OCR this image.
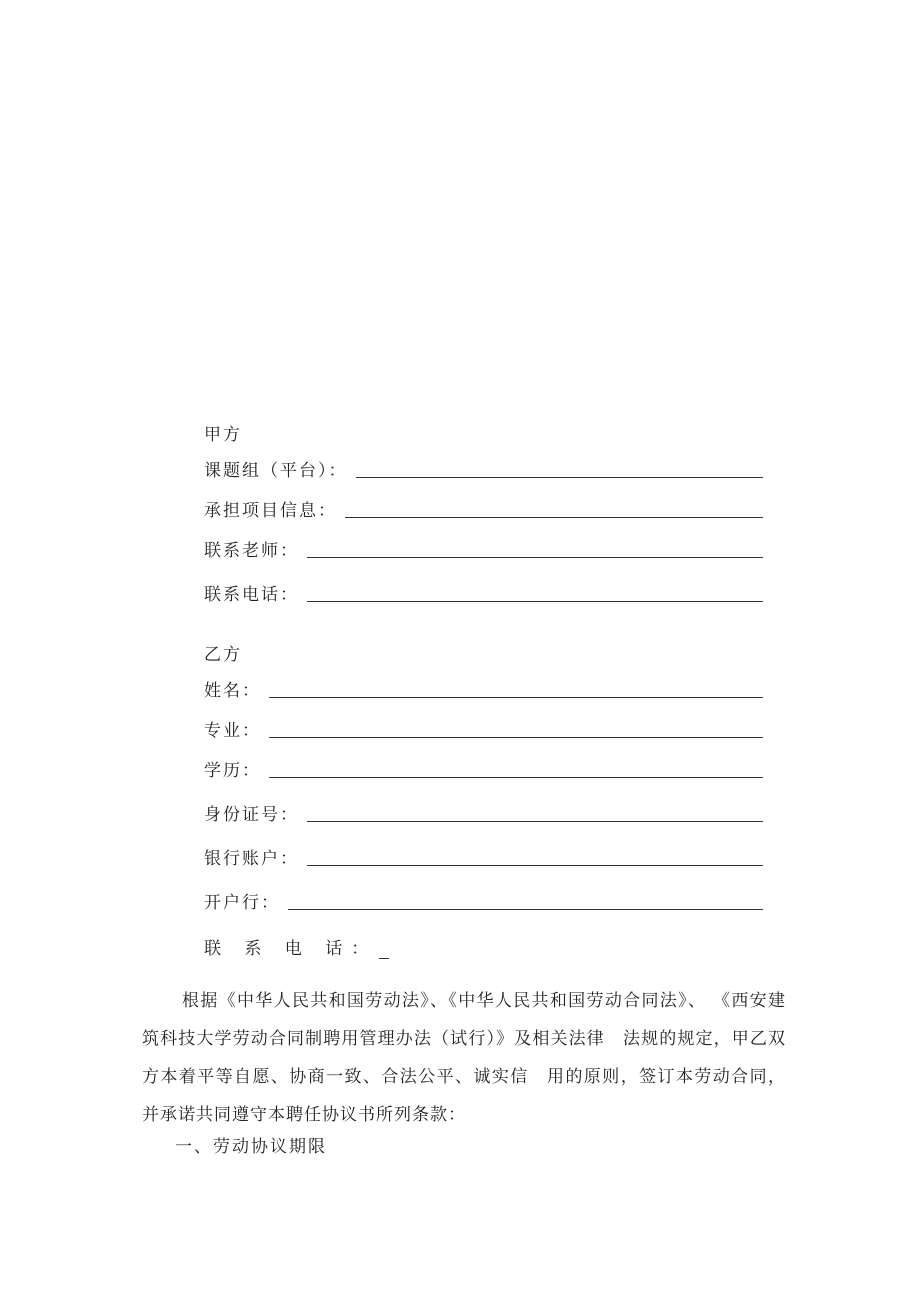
甲方
课题组（平台）：
承担项目信息：
联系老师：
联系电话：
乙方
姓名：
专业：
学历：
身份证号：
银行账户：
开户行：
联 系 电 话：
根据《中华人民共和国劳动法》、《中华人民共和国劳动合同法》、 《西安建筑科技大学劳动合同制聘用管理办法（试行）》及相关法律　法规的规定，甲乙双方本着平等自愿、协商一致、合法公平、诚实信　用的原则，签订本劳动合同，并承诺共同遵守本聘任协议书所列条款：
一、劳动协议期限
